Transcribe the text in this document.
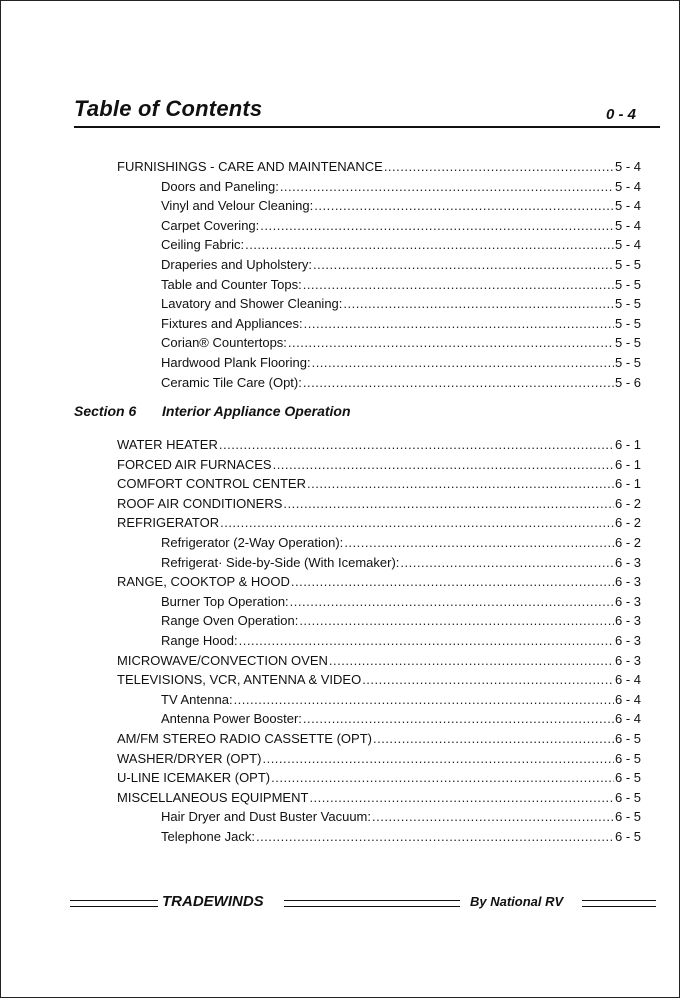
Table of Contents	0 - 4
FURNISHINGS - CARE AND MAINTENANCE .....	5 - 4
Doors and Paneling: .....	5 - 4
Vinyl and Velour Cleaning: .....	5 - 4
Carpet Covering: .....	5 - 4
Ceiling Fabric: .....	5 - 4
Draperies and Upholstery: .....	5 - 5
Table and Counter Tops: .....	5 - 5
Lavatory and Shower Cleaning: .....	5 - 5
Fixtures and Appliances: .....	5 - 5
Corian® Countertops: .....	5 - 5
Hardwood Plank Flooring: .....	5 - 5
Ceramic Tile Care (Opt): .....	5 - 6
Section 6 Interior Appliance Operation
WATER HEATER .....	6 - 1
FORCED AIR FURNACES .....	6 - 1
COMFORT CONTROL CENTER .....	6 - 1
ROOF AIR CONDITIONERS .....	6 - 2
REFRIGERATOR .....	6 - 2
Refrigerator (2-Way Operation): .....	6 - 2
Refrigerat· Side-by-Side (With Icemaker): .....	6 - 3
RANGE, COOKTOP & HOOD .....	6 - 3
Burner Top Operation: .....	6 - 3
Range Oven Operation: .....	6 - 3
Range Hood: .....	6 - 3
MICROWAVE/CONVECTION OVEN .....	6 - 3
TELEVISIONS, VCR, ANTENNA & VIDEO .....	6 - 4
TV Antenna: .....	6 - 4
Antenna Power Booster: .....	6 - 4
AM/FM STEREO RADIO CASSETTE (OPT) .....	6 - 5
WASHER/DRYER (OPT) .....	6 - 5
U-LINE ICEMAKER (OPT) .....	6 - 5
MISCELLANEOUS EQUIPMENT .....	6 - 5
Hair Dryer and Dust Buster Vacuum: .....	6 - 5
Telephone Jack: .....	6 - 5
TRADEWINDS	By National RV
